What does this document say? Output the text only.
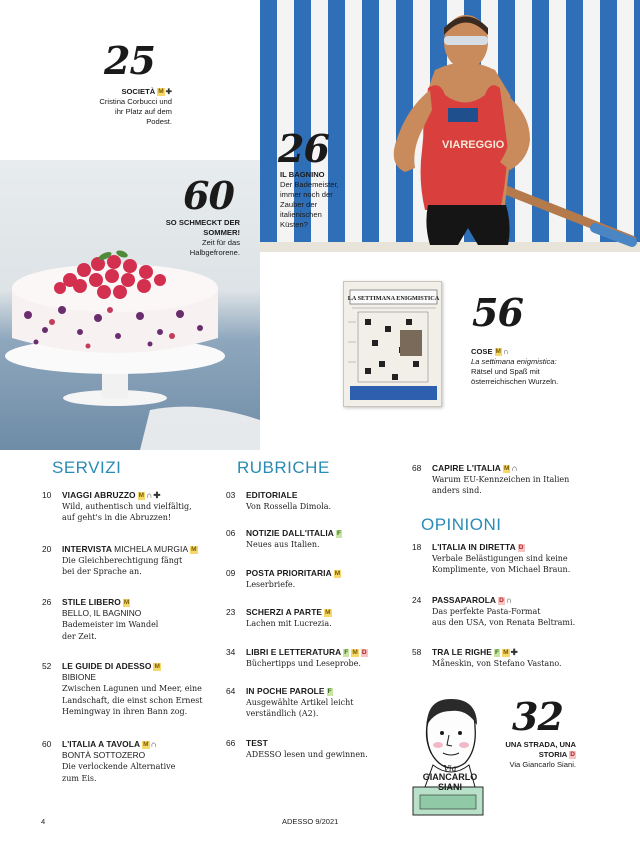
VIAREGGIO
LA SETTIMANA ENIGMISTICA
25
SOCIETÀ M ✚
Cristina Corbucci und ihr Platz auf dem Podest.
26
IL BAGNINO
Der Bademeister, immer noch der Zauber der italienischen Küsten?
60
SO SCHMECKT DER SOMMER!
Zeit für das Halbgefrorene.
56
COSE M ∩
La settimana enigmistica: Rätsel und Spaß mit österreichischen Wurzeln.
32
UNA STRADA, UNA STORIA D
Via Giancarlo Siani.
Via
GIANCARLO
SIANI
SERVIZI
10	VIAGGI ABRUZZO M ∩✚
Wild, authentisch und vielfältig,
auf geht's in die Abruzzen!
20	INTERVISTA MICHELA MURGIA M
Die Gleichberechtigung fängt
bei der Sprache an.
26	STILE LIBERO M
BELLO, IL BAGNINO
Bademeister im Wandel
der Zeit.
52	LE GUIDE DI ADESSO M
BIBIONE
Zwischen Lagunen und Meer, eine
Landschaft, die einst schon Ernest
Hemingway in ihren Bann zog.
60	L'ITALIA A TAVOLA M ∩
BONTÀ SOTTOZERO
Die verlockende Alternative
zum Eis.
RUBRICHE
03	EDITORIALE
Von Rossella Dimola.
06	NOTIZIE DALL'ITALIA F
Neues aus Italien.
09	POSTA PRIORITARIA M
Leserbriefe.
23	SCHERZI A PARTE M
Lachen mit Lucrezia.
34	LIBRI E LETTERATURA F M D
Büchertipps und Leseprobe.
64	IN POCHE PAROLE F
Ausgewählte Artikel leicht
verständlich (A2).
66	TEST
ADESSO lesen und gewinnen.
68	CAPIRE L'ITALIA M ∩
Warum EU-Kennzeichen in Italien
anders sind.
OPINIONI
18	L'ITALIA IN DIRETTA D
Verbale Belästigungen sind keine
Komplimente, von Michael Braun.
24	PASSAPAROLA D ∩
Das perfekte Pasta-Format
aus den USA, von Renata Beltrami.
58	TRA LE RIGHE F M ✚
Måneskin, von Stefano Vastano.
4	ADESSO 9/2021
